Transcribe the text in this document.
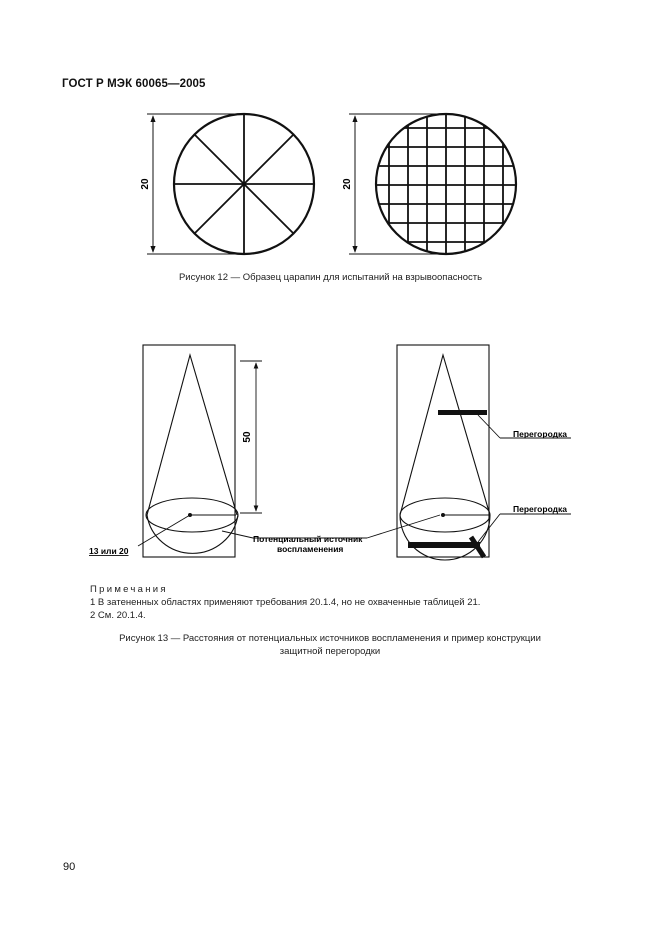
ГОСТ Р МЭК 60065—2005
20	20
50
13 или 20
Потенциальный источник
воспламенения
Перегородка
Перегородка
Рисунок 12 — Образец царапин для испытаний на взрывоопасность
Примечания
1 В затененных областях применяют требования 20.1.4, но не охваченные таблицей 21.
2 См. 20.1.4.
Рисунок 13 — Расстояния от потенциальных источников воспламенения и пример конструкции
защитной перегородки
90
